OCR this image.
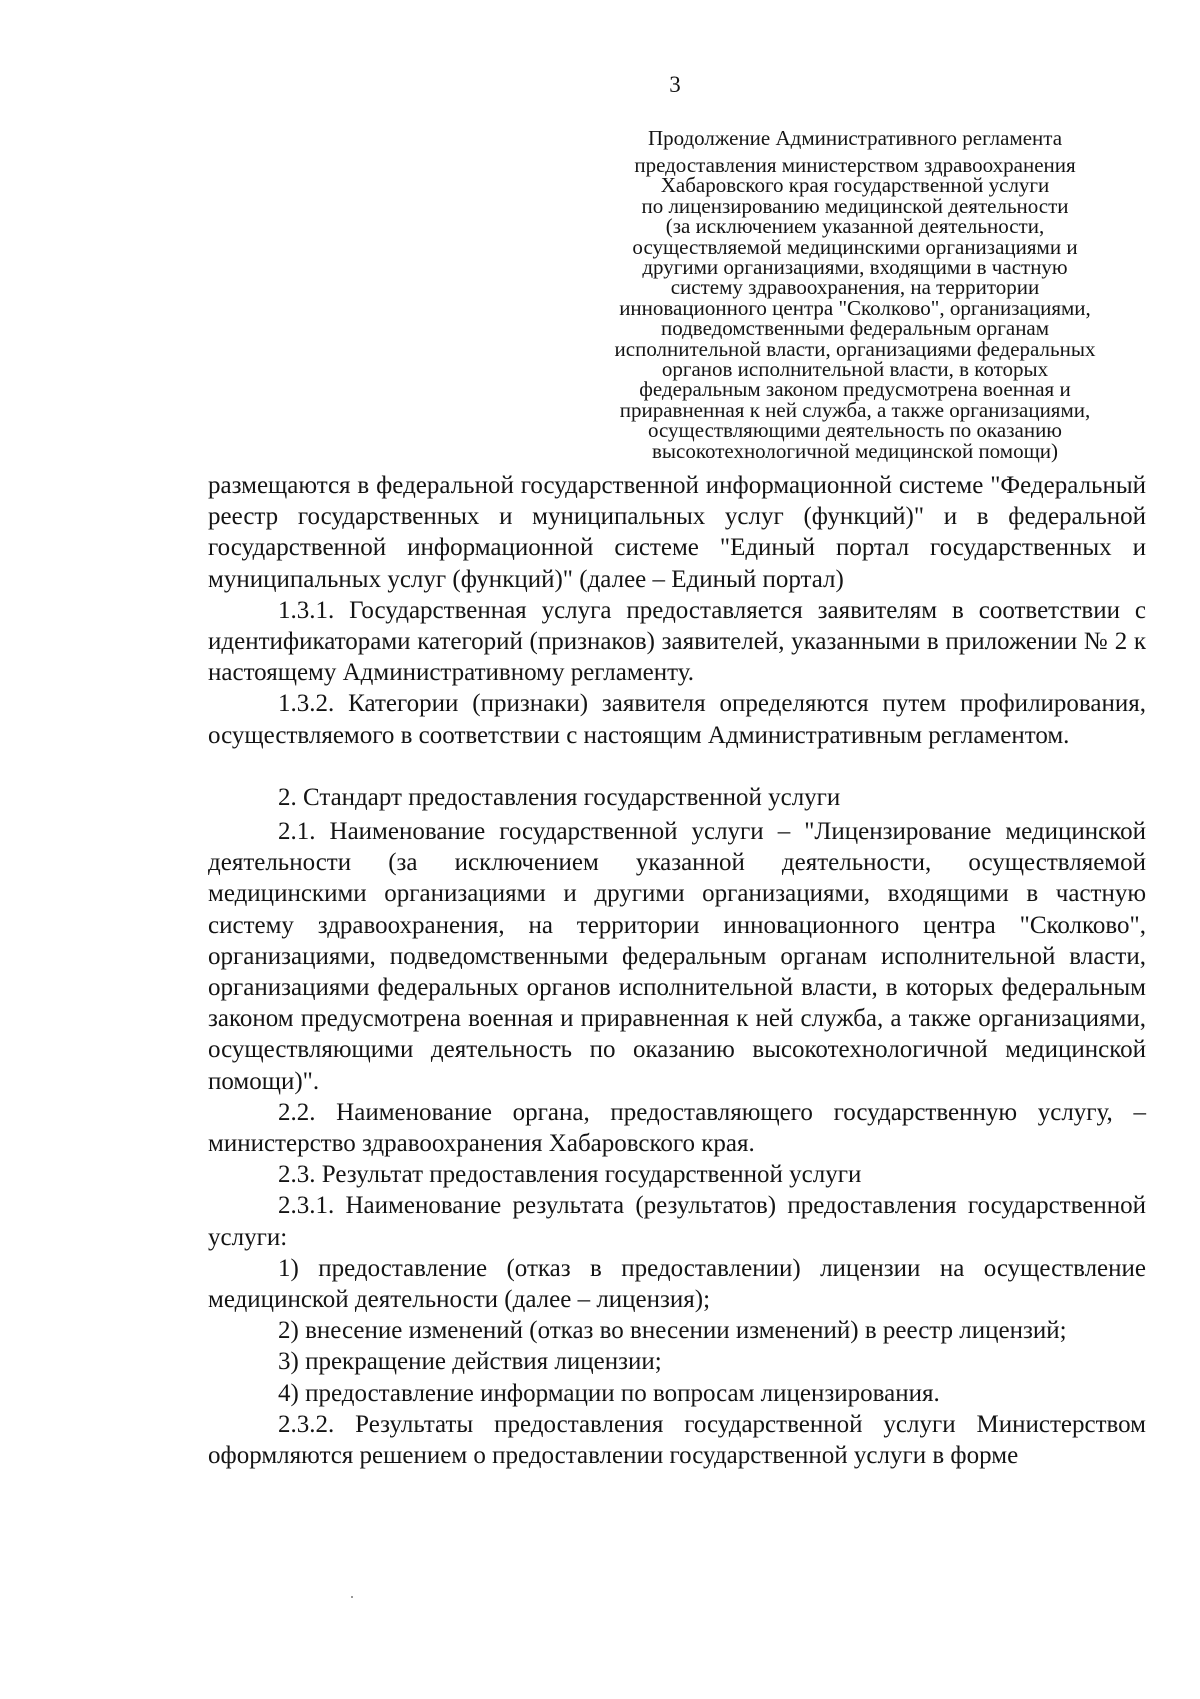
3
Продолжение Административного регламента
предоставления министерством здравоохранения
Хабаровского края государственной услуги
по лицензированию медицинской деятельности
(за исключением указанной деятельности,
осуществляемой медицинскими организациями и
другими организациями, входящими в частную
систему здравоохранения, на территории
инновационного центра "Сколково", организациями,
подведомственными федеральным органам
исполнительной власти, организациями федеральных
органов исполнительной власти, в которых
федеральным законом предусмотрена военная и
приравненная к ней служба, а также организациями,
осуществляющими деятельность по оказанию
высокотехнологичной медицинской помощи)

размещаются в федеральной государственной информационной системе "Федеральный реестр государственных и муниципальных услуг (функций)" и в федеральной государственной информационной системе "Единый портал государственных и муниципальных услуг (функций)" (далее – Единый портал)

1.3.1. Государственная услуга предоставляется заявителям в соответствии с идентификаторами категорий (признаков) заявителей, указанными в приложении № 2 к настоящему Административному регламенту.

1.3.2. Категории (признаки) заявителя определяются путем профилирования, осуществляемого в соответствии с настоящим Административным регламентом.

2. Стандарт предоставления государственной услуги

2.1. Наименование государственной услуги – "Лицензирование медицинской деятельности (за исключением указанной деятельности, осуществляемой медицинскими организациями и другими организациями, входящими в частную систему здравоохранения, на территории инновационного центра "Сколково", организациями, подведомственными федеральным органам исполнительной власти, организациями федеральных органов исполнительной власти, в которых федеральным законом предусмотрена военная и приравненная к ней служба, а также организациями, осуществляющими деятельность по оказанию высокотехнологичной медицинской помощи)".

2.2. Наименование органа, предоставляющего государственную услугу, – министерство здравоохранения Хабаровского края.

2.3. Результат предоставления государственной услуги

2.3.1. Наименование результата (результатов) предоставления государственной услуги:

1) предоставление (отказ в предоставлении) лицензии на осуществление медицинской деятельности (далее – лицензия);

2) внесение изменений (отказ во внесении изменений) в реестр лицензий;

3) прекращение действия лицензии;

4) предоставление информации по вопросам лицензирования.

2.3.2. Результаты предоставления государственной услуги Министерством оформляются решением о предоставлении государственной услуги в форме
